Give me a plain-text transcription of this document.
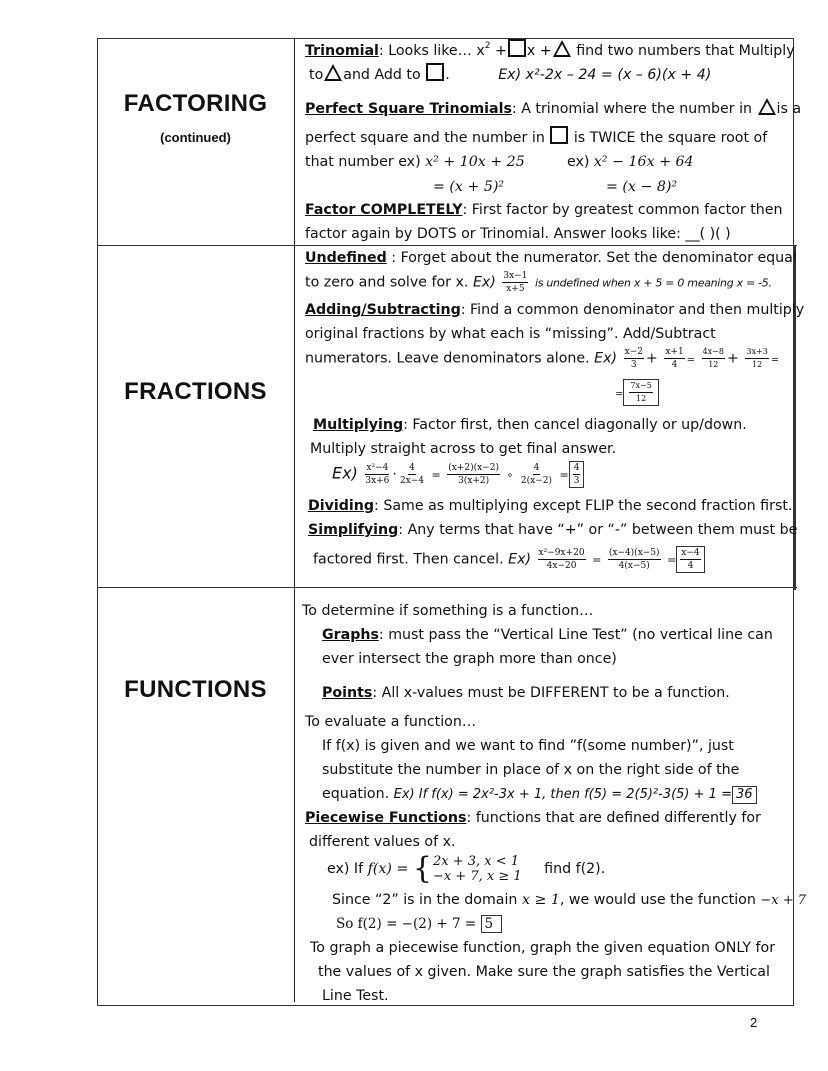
FACTORING
(continued)
Trinomial: Looks like… $x^2 + x$ + find two numbers that Multiply
to and Add to .	Ex) x²-2x – 24 = (x – 6)(x + 4)
Perfect Square Trinomials: A trinomial where the number in is a
perfect square and the number in is TWICE the square root of
that number ex) x² + 10x + 25	ex) x² − 16x + 64
= (x + 5)²	= (x − 8)²
Factor COMPLETELY: First factor by greatest common factor then
factor again by DOTS or Trinomial. Answer looks like: __( )( )
FRACTIONS
Undefined : Forget about the numerator. Set the denominator equal
to zero and solve for x. $Ex) \frac{3x-1}{x+5}$ is undefined when x + 5 = 0 meaning x = -5.
Adding/Subtracting: Find a common denominator and then multiply
original fractions by what each is “missing”. Add/Subtract
numerators. Leave denominators alone. $Ex) \frac{x-2}{3} + \frac{x+1}{4} = \frac{4x-8}{12} + \frac{3x+3}{12}$ =
= $\frac{7x-5}{12}$
Multiplying: Factor first, then cancel diagonally or up/down.
Multiply straight across to get final answer.
$Ex) \frac{\text{x²−4}}{3x+6} \cdot \frac{4}{2x-4} = \frac{(x+2)(x-2)}{3(x+2)}$ ∘ $\frac{4}{2(x-2)} = \frac{4}{3}$
Dividing: Same as multiplying except FLIP the second fraction first.
Simplifying: Any terms that have “+” or “-” between them must be
factored first. Then cancel. $Ex) \frac{\text{x²−9x+20}}{4x-20} = \frac{(x-4)(x-5)}{4(x-5)} = \frac{x-4}{4}$
FUNCTIONS
To determine if something is a function…
Graphs: must pass the “Vertical Line Test” (no vertical line can
ever intersect the graph more than once)
Points: All x-values must be DIFFERENT to be a function.
To evaluate a function…
If f(x) is given and we want to find ”f(some number)”, just
substitute the number in place of x on the right side of the
equation. Ex) If f(x) = 2x²-3x + 1, then f(5) = 2(5)²-3(5) + 1 = 36
Piecewise Functions: functions that are defined differently for
different values of x.
ex) If f(x) = { 2x + 3, x < 1
−x + 7, x ≥ 1 find f(2).
Since “2” is in the domain x ≥ 1, we would use the function −x + 7
So f(2) = −(2) + 7 = 5
To graph a piecewise function, graph the given equation ONLY for
the values of x given. Make sure the graph satisfies the Vertical
Line Test.
2
